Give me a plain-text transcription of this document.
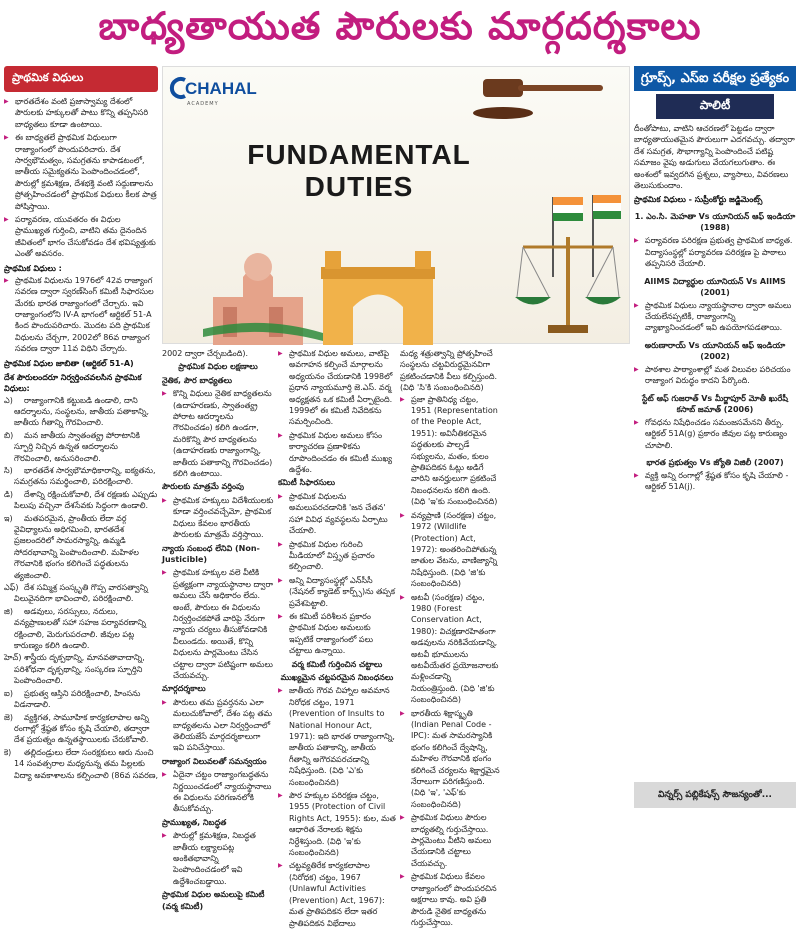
బాధ్యతాయుత పౌరులకు మార్గదర్శకాలు
ప్రాథమిక విధులు
▶ భారతదేశం వంటి ప్రజాస్వామ్య దేశంలో పౌరులకు హక్కులతో పాటు కొన్ని తప్పనిసరి బాధ్యతలు కూడా ఉంటాయి.
▶ ఈ బాధ్యతలే ప్రాథమిక విధులుగా రాజ్యాంగంలో పొందుపరిచారు. దేశ సార్వభౌమత్వం, సమగ్రతను కాపాడటంలో, జాతీయ సమైక్యతను పెంపొందించడంలో, పౌరుల్లో క్రమశిక్షణ, దేశభక్తి వంటి సద్గుణాలను ప్రోత్సహించడంలో ప్రాథమిక విధులు కీలక పాత్ర పోషిస్తాయి.
▶ పర్యావరణ, యువతరం ఈ విధుల ప్రాముఖ్యత గుర్తించి, వాటిని తమ దైనందిన జీవితంలో భాగం చేసుకోవడం దేశ భవిష్యత్తుకు ఎంతో అవసరం.
ప్రాథమిక విధులు :
▶ ప్రాథమిక విధులను 1976లో 42వ రాజ్యాంగ సవరణ ద్వారా స్వరణ్‌సింగ్ కమిటీ సిఫారసుల మేరకు భారత రాజ్యాంగంలో చేర్చారు. ఇవి రాజ్యాంగంలోని IV-A భాగంలో ఆర్టికల్ 51-A కింద పొందుపరిచారు. మొదట పది ప్రాథమిక విధులను చేర్చగా, 2002లో 86వ రాజ్యాంగ సవరణ ద్వారా 11వ విధిని చేర్చారు.
ప్రాథమిక విధుల జాబితా (ఆర్టికల్ 51-A)
దేశ పౌరులందరూ నిర్వర్తించవలసిన ప్రాథమిక విధులు:
ఎ) రాజ్యాంగానికి కట్టుబడి ఉండాలి, దాని ఆదర్శాలను, సంస్థలను, జాతీయ పతాకాన్ని, జాతీయ గీతాన్ని గౌరవించాలి.
బి) మన జాతీయ స్వాతంత్య్ర పోరాటానికి స్ఫూర్తి నిచ్చిన ఉన్నత ఆదర్శాలను గౌరవించాలి, అనుసరించాలి.
సి) భారతదేశ సార్వభౌమాధికారాన్ని, ఐక్యతను, సమగ్రతను సమర్థించాలి, పరిరక్షించాలి.
డి) దేశాన్ని రక్షించుకోవాలి, దేశ రక్షణకు ఎప్పుడు పిలుపు వచ్చినా దేశసేవకు సిద్ధంగా ఉండాలి.
ఇ) మతపరమైన, ప్రాంతీయ లేదా వర్గ వైవిధ్యాలను అధిగమించి, భారతదేశ ప్రజలందరిలో సామరస్యాన్ని, ఉమ్మడి సోదరభావాన్ని పెంపొందించాలి. మహిళల గౌరవానికి భంగం కలిగించే పద్ధతులను త్యజించాలి.
ఎఫ్) దేశ సమ్మిశ్ర సంస్కృతి గొప్ప వారసత్వాన్ని విలువైనదిగా భావించాలి, పరిరక్షించాలి.
జి) అడవులు, సరస్సులు, నదులు, వన్యప్రాణులతో సహా సహజ పర్యావరణాన్ని రక్షించాలి, మెరుగుపరచాలి. జీవుల పట్ల కారుణ్యం కలిగి ఉండాలి.
హెచ్) శాస్త్రీయ దృక్పథాన్ని, మానవతావాదాన్ని, పరిశోధనా దృక్పథాన్ని, సంస్కరణ స్ఫూర్తిని పెంపొందించాలి.
ఐ) ప్రభుత్వ ఆస్తిని పరిరక్షించాలి, హింసను విడనాడాలి.
జె) వ్యక్తిగత, సామూహిక కార్యకలాపాల అన్ని రంగాల్లో శ్రేష్ఠత కోసం కృషి చేయాలి, తద్వారా దేశ ప్రయత్నం ఉన్నతస్థాయిలకు చేరుకోవాలి.
కె) తల్లిదండ్రులు లేదా సంరక్షకులు ఆరు నుంచి 14 సంవత్సరాల మధ్యనున్న తమ పిల్లలకు విద్యా అవకాశాలను కల్పించాలి (86వ సవరణ,
CHAHAL
ACADEMY
FUNDAMENTAL DUTIES
2002 ద్వారా చేర్చబడింది).
ప్రాథమిక విధుల లక్షణాలు
నైతిక, పౌర బాధ్యతలు
▶ కొన్ని విధులు నైతిక బాధ్యతలను (ఉదాహరణకు, స్వాతంత్య్ర పోరాట ఆదర్శాలను గౌరవించడం) కలిగి ఉండగా, మరికొన్ని పౌర బాధ్యతలను (ఉదాహరణకు రాజ్యాంగాన్ని, జాతీయ పతాకాన్ని గౌరవించడం) కలిగి ఉంటాయి.
పౌరులకు మాత్రమే వర్తింపు
▶ ప్రాథమిక హక్కులు విదేశీయులకు కూడా వర్తించవచ్చేమో, ప్రాథమిక విధులు కేవలం భారతీయ పౌరులకు మాత్రమే వర్తిస్తాయి.
న్యాయ సంబంధ లేనివి (Non-Justicible)
▶ ప్రాథమిక హక్కుల వలె వీటికి ప్రత్యక్షంగా న్యాయస్థానాల ద్వారా అమలు చేసే అధికారం లేదు. అంటే, పౌరులు ఈ విధులను నిర్వర్తించకపోతే వారిపై నేరుగా న్యాయ చర్యలు తీసుకోవడానికి వీలుండదు. అయితే, కొన్ని విధులను పార్లమెంటు చేసిన చట్టాల ద్వారా పటిష్టంగా అమలు చేయవచ్చు.
మార్గదర్శకాలు
▶ పౌరులు తమ ప్రవర్తనను ఎలా మలుచుకోవాలో, దేశం పట్ల తమ బాధ్యతలను ఎలా నిర్వర్తించాలో తెలియజేసే మార్గదర్శకాలుగా ఇవి పనిచేస్తాయి.
రాజ్యాంగ విలువలతో సమన్వయం
▶ ఏదైనా చట్టం రాజ్యాంగబద్ధతను నిర్ణయించడంలో న్యాయస్థానాలు ఈ విధులను పరిగణనలోకి తీసుకోవచ్చు.
ప్రాముఖ్యత, నిబద్ధత
▶ పౌరుల్లో క్రమశిక్షణ, నిబద్ధత జాతీయ లక్ష్యాలపట్ల అంకితభావాన్ని పెంపొందించడంలో ఇవి ఉద్దేశించబడ్డాయి.
ప్రాథమిక విధుల అమలుపై కమిటీ (వర్మ కమిటీ)
▶ ప్రాథమిక విధుల అమలు, వాటిపై అవగాహన కల్పించే మార్గాలను అధ్యయనం చేయడానికి 1998లో ప్రధాన న్యాయమూర్తి జె.ఎస్. వర్మ అధ్యక్షతన ఒక కమిటీ ఏర్పాటైంది. 1999లో ఈ కమిటీ నివేదికను సమర్పించింది.
▶ ప్రాథమిక విధుల అమలు కోసం కార్యాచరణ ప్రణాళికను రూపొందించడం ఈ కమిటీ ముఖ్య ఉద్దేశం.
కమిటీ సిఫారసులు
▶ ప్రాథమిక విధులను అమలుపరచడానికి 'జన చేతన' సహా వివిధ వ్యవస్థలను ఏర్పాటు చేయాలి.
▶ ప్రాథమిక విధుల గురించి మీడియాలో విస్తృత ప్రచారం కల్పించాలి.
▶ అన్ని విద్యాసంస్థల్లో ఎన్‌సీసీ (నేషనల్ క్యాడెట్ కార్ప్స్)ను తప్పక ప్రవేశపెట్టాలి.
▶ ఈ కమిటీ పరిశీలన ప్రకారం ప్రాథమిక విధుల అమలుకు ఇప్పటికే రాజ్యాంగంలో పలు చట్టాలు ఉన్నాయి.
వర్మ కమిటీ గుర్తించిన చట్టాలు
ముఖ్యమైన చట్టపరమైన నిబంధనలు
▶ జాతీయ గౌరవ చిహ్నాల అవమాన నిరోధక చట్టం, 1971 (Prevention of Insults to National Honour Act, 1971): ఇది భారత రాజ్యాంగాన్ని, జాతీయ పతాకాన్ని, జాతీయ గీతాన్ని అగౌరవపరచడాన్ని నిషేధిస్తుంది. (విధి 'ఎ'కు సంబంధించినది)
▶ పౌర హక్కుల పరిరక్షణ చట్టం, 1955 (Protection of Civil Rights Act, 1955): కుల, మత ఆధారిత నేరాలకు శిక్షను నిర్దేశిస్తుంది. (విధి 'ఇ'కు సంబంధించినది)
▶ చట్టవ్యతిరేక కార్యకలాపాల (నిరోధక) చట్టం, 1967 (Unlawful Activities (Prevention) Act, 1967): మత ప్రాతిపదికన లేదా ఇతర ప్రాతిపదికన విభేదాలు
మధ్య శత్రుత్వాన్ని ప్రోత్సహించే సంస్థలను చట్టవిరుద్ధమైనవిగా ప్రకటించడానికి వీలు కల్పిస్తుంది. (విధి 'సి'కి సంబంధించినది)
▶ ప్రజా ప్రాతినిధ్య చట్టం, 1951 (Representation of the People Act, 1951): అవినీతికరమైన పద్ధతులకు పాల్పడే సభ్యులను, మతం, కులం ప్రాతిపదికన ఓట్లు అడిగే వారిని అనర్హులుగా ప్రకటించే నిబంధనలను కలిగి ఉంది. (విధి 'ఇ'కు సంబంధించినది)
▶ వన్యప్రాణి (సంరక్షణ) చట్టం, 1972 (Wildlife (Protection) Act, 1972): అంతరించిపోతున్న జాతుల వేటను, వాణిజ్యాన్ని నిషేధిస్తుంది. (విధి 'జి'కు సంబంధించినది)
▶ అటవీ (సంరక్షణ) చట్టం, 1980 (Forest Conservation Act, 1980): విచక్షణారహితంగా అడవులను నరికివేయడాన్ని, అటవీ భూములను అటవీయేతర ప్రయోజనాలకు మళ్లించడాన్ని నియంత్రిస్తుంది. (విధి 'జి'కు సంబంధించినది)
▶ భారతీయ శిక్షాస్మృతి (Indian Penal Code - IPC): మత సామరస్యానికి భంగం కలిగించే ద్వేషాన్ని, మహిళల గౌరవానికి భంగం కలిగించే చర్యలను శిక్షార్హమైన నేరాలుగా పరిగణిస్తుంది. (విధి 'ఇ', 'ఎఫ్'కు సంబంధించినది)
▶ ప్రాథమిక విధులు పౌరుల బాధ్యతల్ని గుర్తుచేస్తాయి. పార్లమెంటు వీటిని అమలు చేయడానికి చట్టాలు చేయవచ్చు.
▶ ప్రాథమిక విధులు కేవలం రాజ్యాంగంలో పొందుపరచిన అక్షరాలు కావు. అవి ప్రతి పౌరుడి నైతిక బాధ్యతను గుర్తుచేస్తాయి.
గ్రూప్స్, ఎస్ఐ పరీక్షల ప్రత్యేకం
పాలిటీ
దీంతోపాటు, వాటిని ఆచరణలో పెట్టడం ద్వారా బాధ్యతాయుతమైన పౌరులుగా ఎదగవచ్చు. తద్వారా దేశ సమగ్రత, సౌభాగ్యాన్ని పెంపొందించే పటిష్ట సమాజం వైపు అడుగులు వేయగలుగుతాం. ఈ అంశంలో ఇవ్వదగిన ప్రశ్నలు, వ్యాసాలు, వివరణలు తెలుసుకుందాం.
ప్రాథమిక విధులు - సుప్రీంకోర్టు జడ్జిమెంట్స్
1. ఎం.సి. మెహతా Vs యూనియన్ ఆఫ్ ఇండియా (1988)
▶ పర్యావరణ పరిరక్షణ ప్రభుత్వ ప్రాథమిక బాధ్యత. విద్యాసంస్థల్లో పర్యావరణ పరిరక్షణ పై పాఠాలు తప్పనిసరి చేయాలి.
AIIMS విద్యార్థుల యూనియన్ Vs AIIMS (2001)
▶ ప్రాథమిక విధులు న్యాయస్థానాల ద్వారా అమలు చేయలేనప్పటికీ, రాజ్యాంగాన్ని వ్యాఖ్యానించడంలో ఇవి ఉపయోగపడతాయి.
అరుణారాయ్ Vs యూనియన్ ఆఫ్ ఇండియా (2002)
▶ పాఠశాల పాఠ్యాంశాల్లో మత విలువల పరిచయం రాజ్యాంగ విరుద్ధం కాదని పేర్కొంది.
స్టేట్ ఆఫ్ గుజరాత్ Vs మీర్జాపూర్ మోతీ ఖురేషీ కసాబ్ జమాత్ (2006)
▶ గోవధను నిషేధించడం సమంజసమేనని తీర్పు. ఆర్టికల్ 51A(g) ప్రకారం జీవుల పట్ల కారుణ్యం చూపాలి.
భారత ప్రభుత్వం Vs జ్యోతి విజిలీ (2007)
▶ వ్యక్తి అన్ని రంగాల్లో శ్రేష్ఠత కోసం కృషి చేయాలి - ఆర్టికల్ 51A(j).
విన్నర్స్ పబ్లికేషన్స్ సౌజన్యంతో...
